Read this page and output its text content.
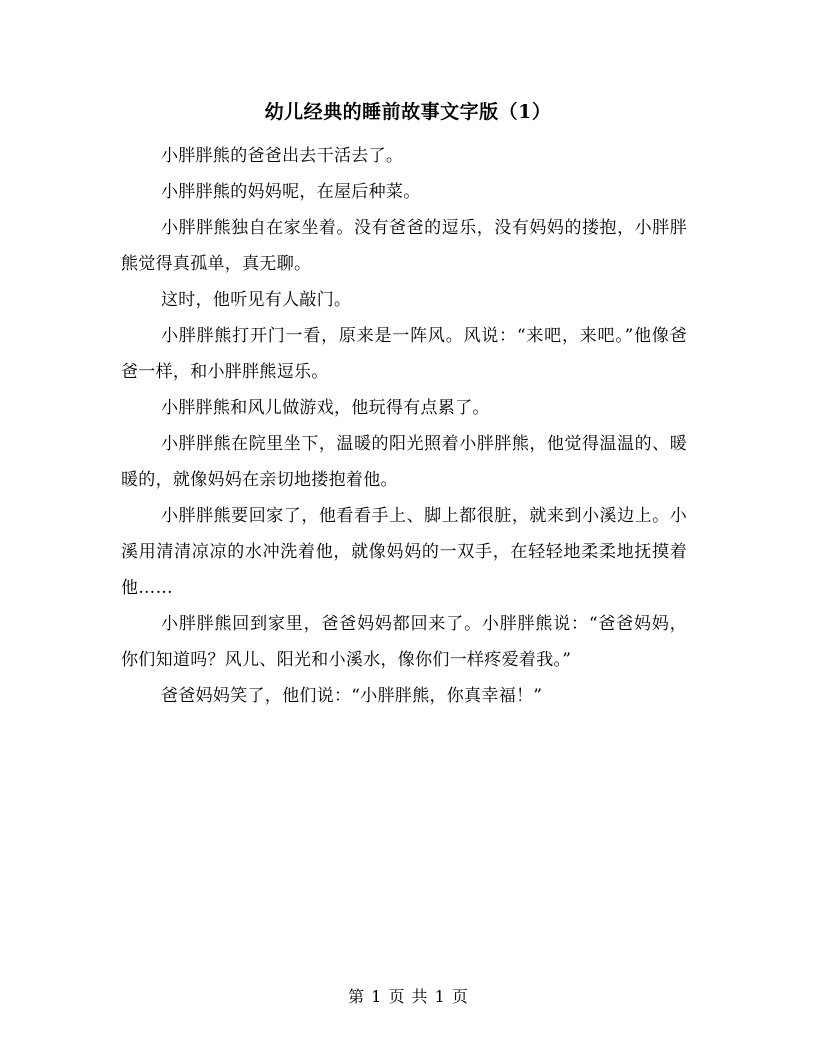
幼儿经典的睡前故事文字版（1）

小胖胖熊的爸爸出去干活去了。

小胖胖熊的妈妈呢，在屋后种菜。

小胖胖熊独自在家坐着。没有爸爸的逗乐，没有妈妈的搂抱，小胖胖熊觉得真孤单，真无聊。

这时，他听见有人敲门。

小胖胖熊打开门一看，原来是一阵风。风说：“来吧，来吧。”他像爸爸一样，和小胖胖熊逗乐。

小胖胖熊和风儿做游戏，他玩得有点累了。

小胖胖熊在院里坐下，温暖的阳光照着小胖胖熊，他觉得温温的、暖暖的，就像妈妈在亲切地搂抱着他。

小胖胖熊要回家了，他看看手上、脚上都很脏，就来到小溪边上。小溪用清清凉凉的水冲洗着他，就像妈妈的一双手，在轻轻地柔柔地抚摸着他……

小胖胖熊回到家里，爸爸妈妈都回来了。小胖胖熊说：“爸爸妈妈，你们知道吗？风儿、阳光和小溪水，像你们一样疼爱着我。”

爸爸妈妈笑了，他们说：“小胖胖熊，你真幸福！”

第 1 页 共 1 页
